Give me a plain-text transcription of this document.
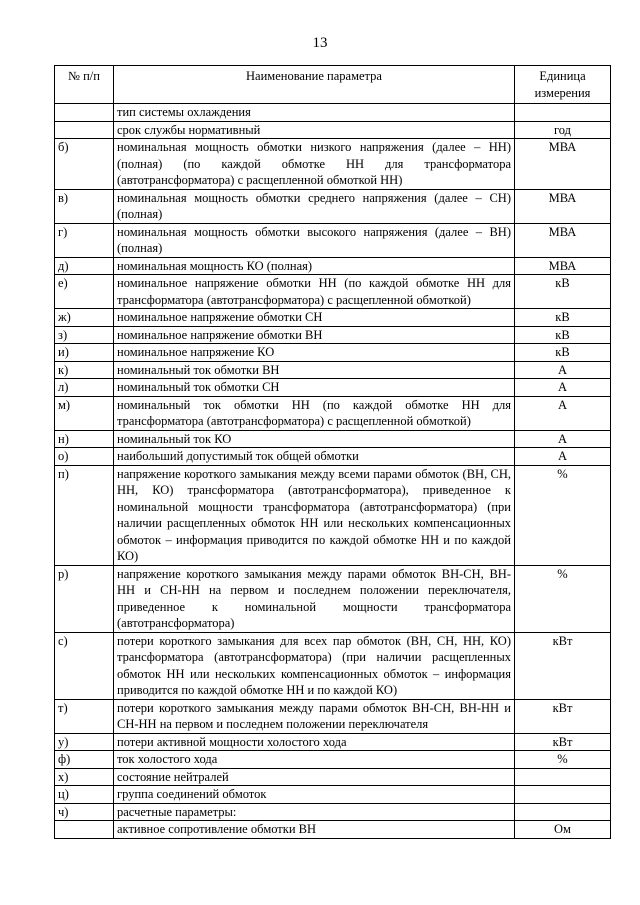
13
№ п/п	Наименование параметра	Единица измерения
	тип системы охлаждения	
	срок службы нормативный	год
б)	номинальная мощность обмотки низкого напряжения (далее – НН) (полная) (по каждой обмотке НН для трансформатора (автотрансформатора) с расщепленной обмоткой НН)	МВА
в)	номинальная мощность обмотки среднего напряжения (далее – СН) (полная)	МВА
г)	номинальная мощность обмотки высокого напряжения (далее – ВН) (полная)	МВА
д)	номинальная мощность КО (полная)	МВА
е)	номинальное напряжение обмотки НН (по каждой обмотке НН для трансформатора (автотрансформатора) с расщепленной обмоткой)	кВ
ж)	номинальное напряжение обмотки СН	кВ
з)	номинальное напряжение обмотки ВН	кВ
и)	номинальное напряжение КО	кВ
к)	номинальный ток обмотки ВН	А
л)	номинальный ток обмотки СН	А
м)	номинальный ток обмотки НН (по каждой обмотке НН для трансформатора (автотрансформатора) с расщепленной обмоткой)	А
н)	номинальный ток КО	А
о)	наибольший допустимый ток общей обмотки	А
п)	напряжение короткого замыкания между всеми парами обмоток (ВН, СН, НН, КО) трансформатора (автотрансформатора), приведенное к номинальной мощности трансформатора (автотрансформатора) (при наличии расщепленных обмоток НН или нескольких компенсационных обмоток – информация приводится по каждой обмотке НН и по каждой КО)	%
р)	напряжение короткого замыкания между парами обмоток ВН-СН, ВН-НН и СН-НН на первом и последнем положении переключателя, приведенное к номинальной мощности трансформатора (автотрансформатора)	%
с)	потери короткого замыкания для всех пар обмоток (ВН, СН, НН, КО) трансформатора (автотрансформатора) (при наличии расщепленных обмоток НН или нескольких компенсационных обмоток – информация приводится по каждой обмотке НН и по каждой КО)	кВт
т)	потери короткого замыкания между парами обмоток ВН-СН, ВН-НН и СН-НН на первом и последнем положении переключателя	кВт
у)	потери активной мощности холостого хода	кВт
ф)	ток холостого хода	%
х)	состояние нейтралей	
ц)	группа соединений обмоток	
ч)	расчетные параметры:	
	активное сопротивление обмотки ВН	Ом
